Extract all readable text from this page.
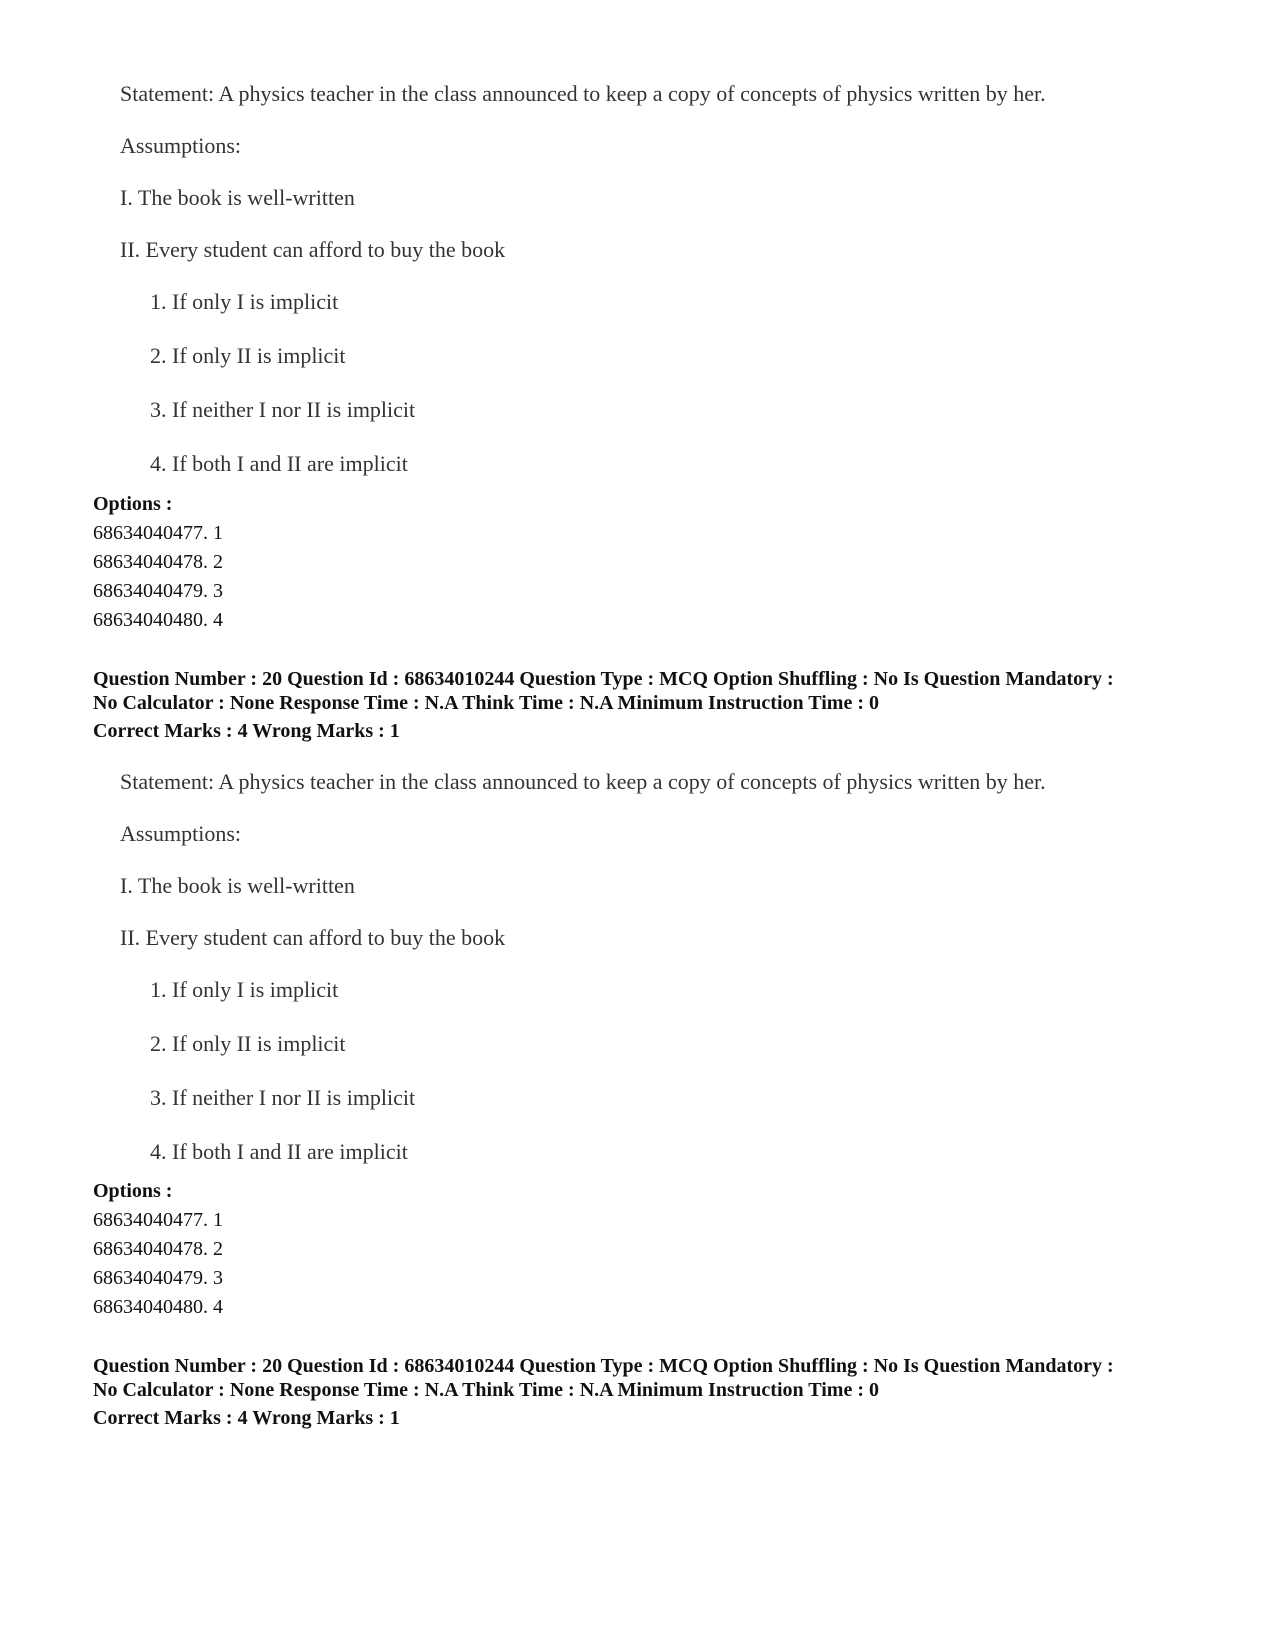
Statement: A physics teacher in the class announced to keep a copy of concepts of physics written by her.
Assumptions:
I. The book is well-written
II. Every student can afford to buy the book
1. If only I is implicit
2. If only II is implicit
3. If neither I nor II is implicit
4. If both I and II are implicit
Options :
68634040477. 1
68634040478. 2
68634040479. 3
68634040480. 4
Question Number : 20 Question Id : 68634010244 Question Type : MCQ Option Shuffling : No Is Question Mandatory :
No Calculator : None Response Time : N.A Think Time : N.A Minimum Instruction Time : 0
Correct Marks : 4 Wrong Marks : 1
Statement: A physics teacher in the class announced to keep a copy of concepts of physics written by her.
Assumptions:
I. The book is well-written
II. Every student can afford to buy the book
1. If only I is implicit
2. If only II is implicit
3. If neither I nor II is implicit
4. If both I and II are implicit
Options :
68634040477. 1
68634040478. 2
68634040479. 3
68634040480. 4
Question Number : 20 Question Id : 68634010244 Question Type : MCQ Option Shuffling : No Is Question Mandatory :
No Calculator : None Response Time : N.A Think Time : N.A Minimum Instruction Time : 0
Correct Marks : 4 Wrong Marks : 1
